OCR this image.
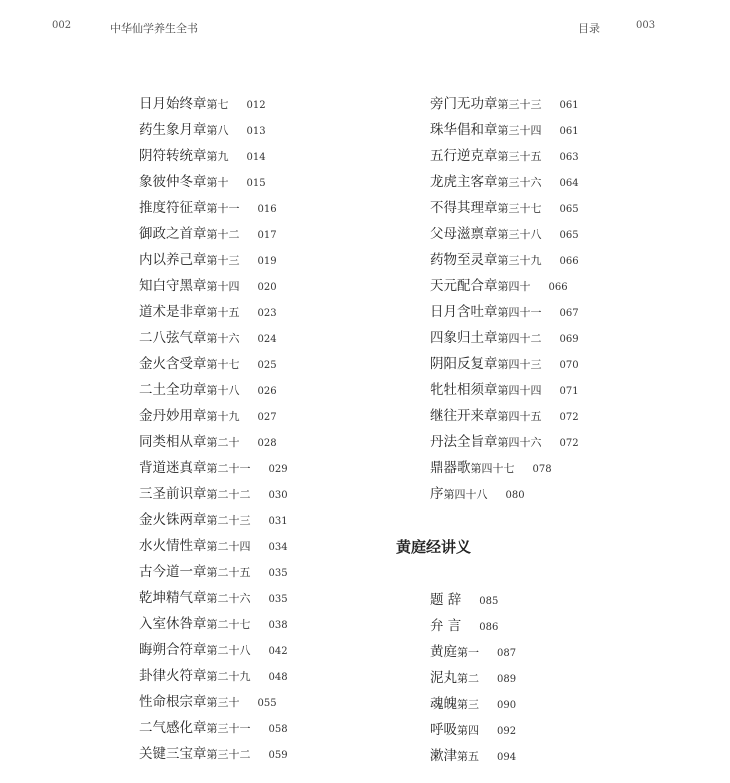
002	中华仙学养生全书	目录	003
日月始终章第七 012
药生象月章第八 013
阴符转统章第九 014
象彼仲冬章第十 015
推度符征章第十一 016
御政之首章第十二 017
内以养己章第十三 019
知白守黑章第十四 020
道术是非章第十五 023
二八弦气章第十六 024
金火含受章第十七 025
二土全功章第十八 026
金丹妙用章第十九 027
同类相从章第二十 028
背道迷真章第二十一 029
三圣前识章第二十二 030
金火铢两章第二十三 031
水火情性章第二十四 034
古今道一章第二十五 035
乾坤精气章第二十六 035
入室休咎章第二十七 038
晦朔合符章第二十八 042
卦律火符章第二十九 048
性命根宗章第三十 055
二气感化章第三十一 058
关键三宝章第三十二 059
旁门无功章第三十三 061
珠华倡和章第三十四 061
五行逆克章第三十五 063
龙虎主客章第三十六 064
不得其理章第三十七 065
父母滋禀章第三十八 065
药物至灵章第三十九 066
天元配合章第四十 066
日月含吐章第四十一 067
四象归土章第四十二 069
阴阳反复章第四十三 070
牝牡相须章第四十四 071
继往开来章第四十五 072
丹法全旨章第四十六 072
鼎器歌第四十七 078
序第四十八 080
黄庭经讲义
题 辞 085
弁 言 086
黄庭第一 087
泥丸第二 089
魂魄第三 090
呼吸第四 092
漱津第五 094
